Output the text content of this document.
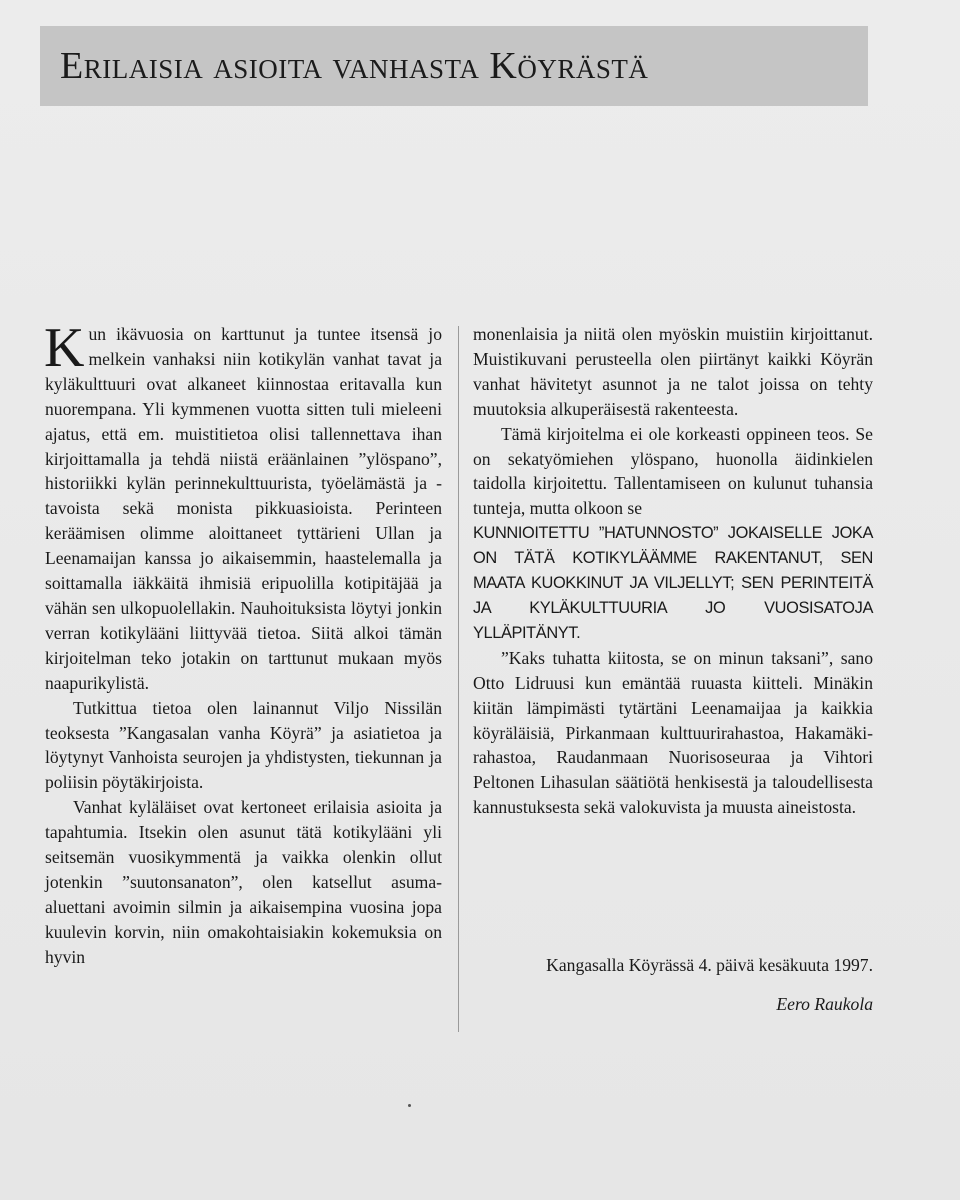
Erilaisia asioita vanhasta Köyrästä

Kun ikävuosia on karttunut ja tuntee itsensä jo melkein vanhaksi niin kotikylän vanhat tavat ja kyläkulttuuri ovat alkaneet kiinnostaa eritavalla kun nuorempana. Yli kymmenen vuotta sitten tuli mieleeni ajatus, että em. muistitietoa olisi tallennettava ihan kirjoittamalla ja tehdä niistä eräänlainen ”ylöspano”, historiikki kylän perinnekulttuurista, työelämästä ja -tavoista sekä monista pikkuasioista. Perinteen keräämisen olimme aloittaneet tyttärieni Ullan ja Leenamaijan kanssa jo aikaisemmin, haastelemalla ja soittamalla iäkkäitä ihmisiä eripuolilla kotipitäjää ja vähän sen ulkopuolellakin. Nauhoituksista löytyi jonkin verran kotikylääni liittyvää tietoa. Siitä alkoi tämän kirjoitelman teko jotakin on tarttunut mukaan myös naapurikylistä.

Tutkittua tietoa olen lainannut Viljo Nissilän teoksesta ”Kangasalan vanha Köyrä” ja asiatietoa ja löytynyt Vanhoista seurojen ja yhdistysten, tiekunnan ja poliisin pöytäkirjoista.

Vanhat kyläläiset ovat kertoneet erilaisia asioita ja tapahtumia. Itsekin olen asunut tätä kotikylääni yli seitsemän vuosikymmentä ja vaikka olenkin ollut jotenkin ”suutonsanaton”, olen katsellut asuma-aluettani avoimin silmin ja aikaisempina vuosina jopa kuulevin korvin, niin omakohtaisiakin kokemuksia on hyvin

monenlaisia ja niitä olen myöskin muistiin kirjoittanut. Muistikuvani perusteella olen piirtänyt kaikki Köyrän vanhat hävitetyt asunnot ja ne talot joissa on tehty muutoksia alkuperäisestä rakenteesta.

Tämä kirjoitelma ei ole korkeasti oppineen teos. Se on sekatyömiehen ylöspano, huonolla äidinkielen taidolla kirjoitettu. Tallentamiseen on kulunut tuhansia tunteja, mutta olkoon se

KUNNIOITETTU ”HATUNNOSTO” JOKAISELLE JOKA ON TÄTÄ KOTIKYLÄÄMME RAKENTANUT, SEN MAATA KUOKKINUT JA VILJELLYT; SEN PERINTEITÄ JA KYLÄKULTTUURIA JO VUOSISATOJA YLLÄPITÄNYT.

”Kaks tuhatta kiitosta, se on minun taksani”, sano Otto Lidruusi kun emäntää ruuasta kiitteli. Minäkin kiitän lämpimästi tytärtäni Leenamaijaa ja kaikkia köyräläisiä, Pirkanmaan kulttuurirahastoa, Hakamäki-rahastoa, Raudanmaan Nuorisoseuraa ja Vihtori Peltonen Lihasulan säätiötä henkisestä ja taloudellisesta kannustuksesta sekä valokuvista ja muusta aineistosta.

Kangasalla Köyrässä 4. päivä kesäkuuta 1997.

Eero Raukola
